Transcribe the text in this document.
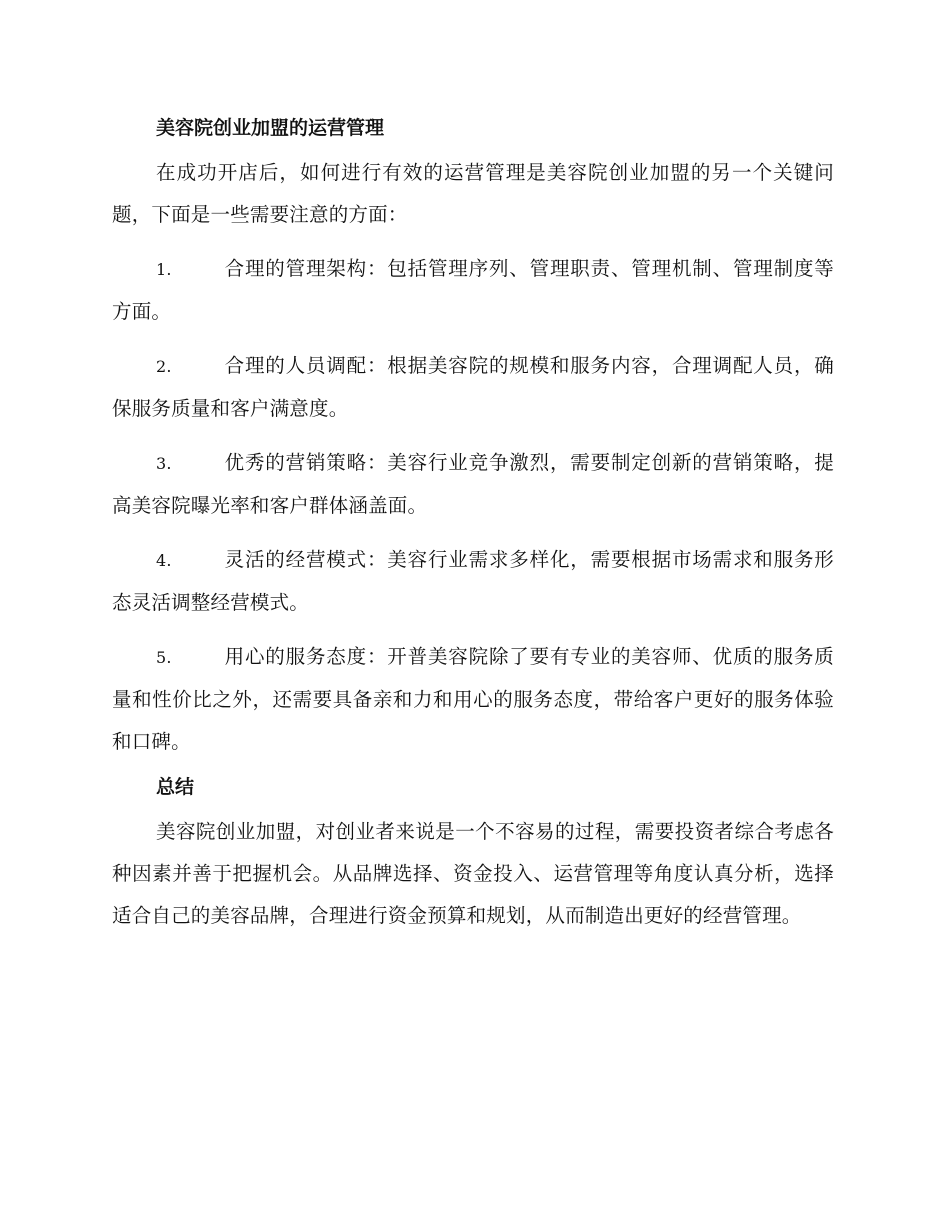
美容院创业加盟的运营管理

在成功开店后，如何进行有效的运营管理是美容院创业加盟的另一个关键问题，下面是一些需要注意的方面：

1.	合理的管理架构：包括管理序列、管理职责、管理机制、管理制度等方面。

2.	合理的人员调配：根据美容院的规模和服务内容，合理调配人员，确保服务质量和客户满意度。

3.	优秀的营销策略：美容行业竞争激烈，需要制定创新的营销策略，提高美容院曝光率和客户群体涵盖面。

4.	灵活的经营模式：美容行业需求多样化，需要根据市场需求和服务形态灵活调整经营模式。

5.	用心的服务态度：开普美容院除了要有专业的美容师、优质的服务质量和性价比之外，还需要具备亲和力和用心的服务态度，带给客户更好的服务体验和口碑。

总结

美容院创业加盟，对创业者来说是一个不容易的过程，需要投资者综合考虑各种因素并善于把握机会。从品牌选择、资金投入、运营管理等角度认真分析，选择适合自己的美容品牌，合理进行资金预算和规划，从而制造出更好的经营管理。
